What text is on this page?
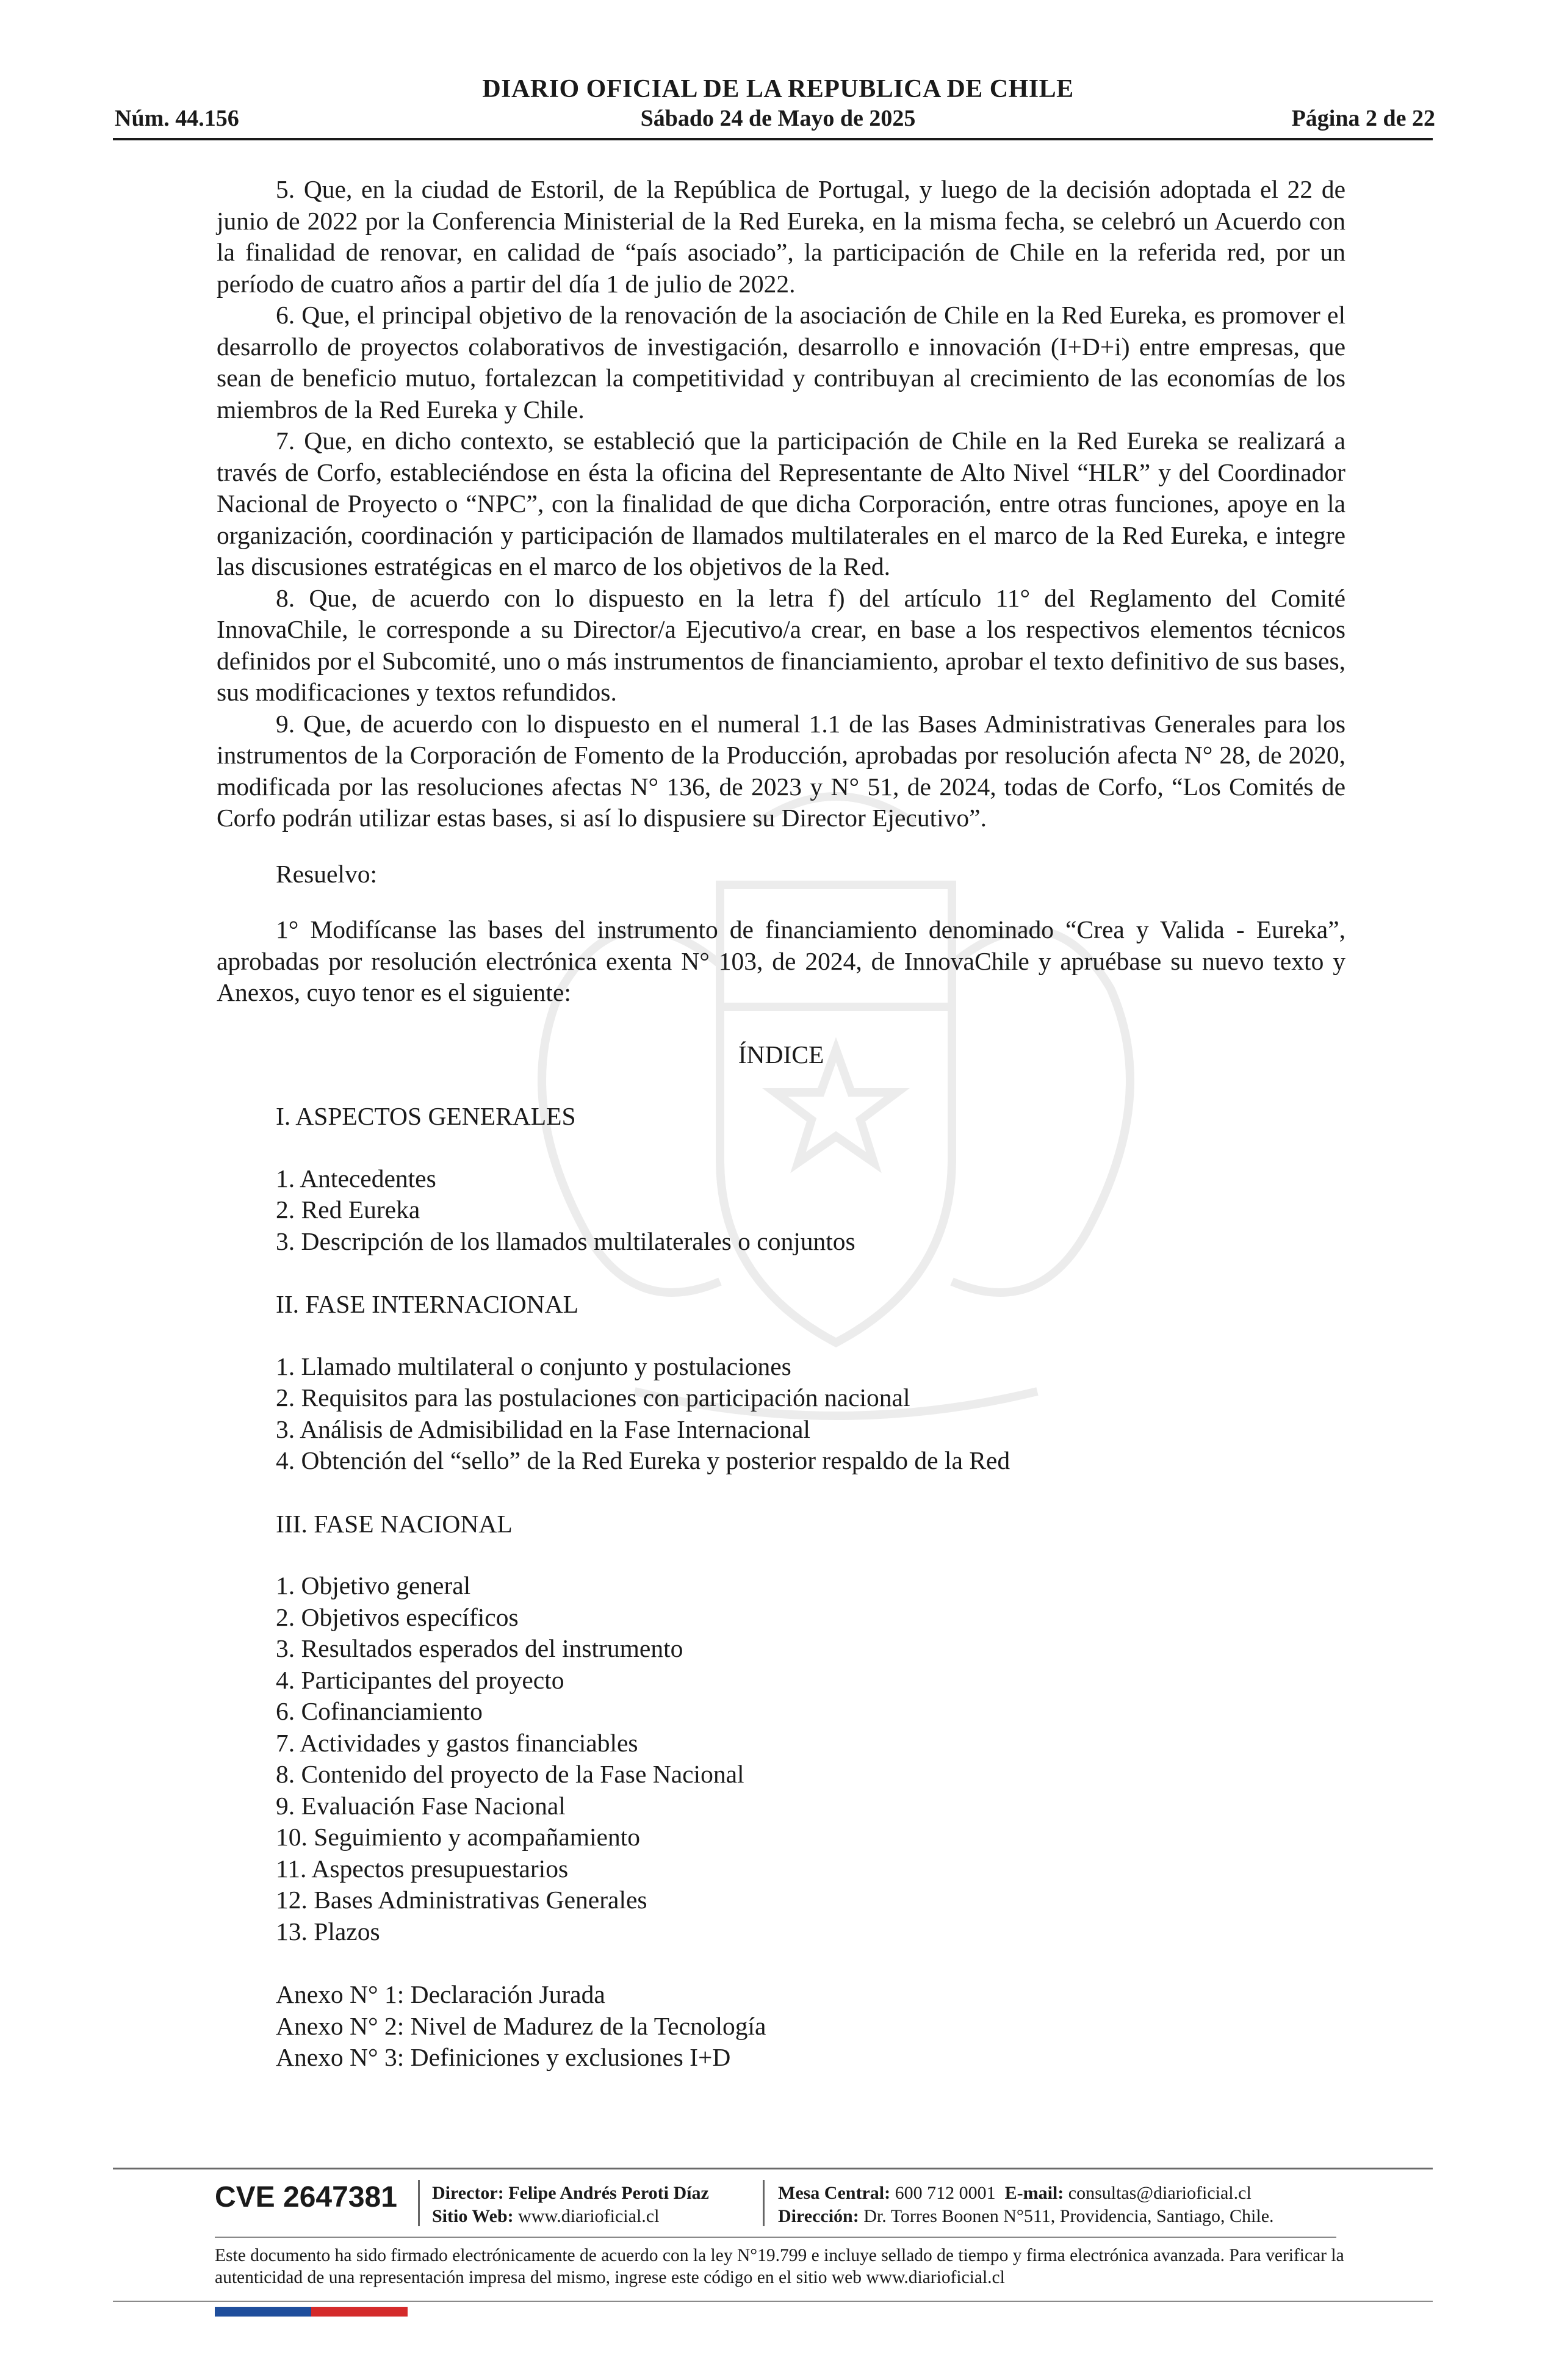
DIARIO OFICIAL DE LA REPUBLICA DE CHILE
Núm. 44.156	Sábado 24 de Mayo de 2025	Página 2 de 22

5. Que, en la ciudad de Estoril, de la República de Portugal, y luego de la decisión adoptada el 22 de junio de 2022 por la Conferencia Ministerial de la Red Eureka, en la misma fecha, se celebró un Acuerdo con la finalidad de renovar, en calidad de “país asociado”, la participación de Chile en la referida red, por un período de cuatro años a partir del día 1 de julio de 2022.

6. Que, el principal objetivo de la renovación de la asociación de Chile en la Red Eureka, es promover el desarrollo de proyectos colaborativos de investigación, desarrollo e innovación (I+D+i) entre empresas, que sean de beneficio mutuo, fortalezcan la competitividad y contribuyan al crecimiento de las economías de los miembros de la Red Eureka y Chile.

7. Que, en dicho contexto, se estableció que la participación de Chile en la Red Eureka se realizará a través de Corfo, estableciéndose en ésta la oficina del Representante de Alto Nivel “HLR” y del Coordinador Nacional de Proyecto o “NPC”, con la finalidad de que dicha Corporación, entre otras funciones, apoye en la organización, coordinación y participación de llamados multilaterales en el marco de la Red Eureka, e integre las discusiones estratégicas en el marco de los objetivos de la Red.

8. Que, de acuerdo con lo dispuesto en la letra f) del artículo 11° del Reglamento del Comité InnovaChile, le corresponde a su Director/a Ejecutivo/a crear, en base a los respectivos elementos técnicos definidos por el Subcomité, uno o más instrumentos de financiamiento, aprobar el texto definitivo de sus bases, sus modificaciones y textos refundidos.

9. Que, de acuerdo con lo dispuesto en el numeral 1.1 de las Bases Administrativas Generales para los instrumentos de la Corporación de Fomento de la Producción, aprobadas por resolución afecta N° 28, de 2020, modificada por las resoluciones afectas N° 136, de 2023 y N° 51, de 2024, todas de Corfo, “Los Comités de Corfo podrán utilizar estas bases, si así lo dispusiere su Director Ejecutivo”.

Resuelvo:

1° Modifícanse las bases del instrumento de financiamiento denominado “Crea y Valida - Eureka”, aprobadas por resolución electrónica exenta N° 103, de 2024, de InnovaChile y apruébase su nuevo texto y Anexos, cuyo tenor es el siguiente:

ÍNDICE
I. ASPECTOS GENERALES
1. Antecedentes
2. Red Eureka
3. Descripción de los llamados multilaterales o conjuntos
II. FASE INTERNACIONAL
1. Llamado multilateral o conjunto y postulaciones
2. Requisitos para las postulaciones con participación nacional
3. Análisis de Admisibilidad en la Fase Internacional
4. Obtención del “sello” de la Red Eureka y posterior respaldo de la Red
III. FASE NACIONAL
1. Objetivo general
2. Objetivos específicos
3. Resultados esperados del instrumento
4. Participantes del proyecto
6. Cofinanciamiento
7. Actividades y gastos financiables
8. Contenido del proyecto de la Fase Nacional
9. Evaluación Fase Nacional
10. Seguimiento y acompañamiento
11. Aspectos presupuestarios
12. Bases Administrativas Generales
13. Plazos
Anexo N° 1: Declaración Jurada
Anexo N° 2: Nivel de Madurez de la Tecnología
Anexo N° 3: Definiciones y exclusiones I+D
CVE 2647381 Director: Felipe Andrés Peroti Díaz
Sitio Web: www.diarioficial.cl
Mesa Central: 600 712 0001 E-mail: consultas@diarioficial.cl
Dirección: Dr. Torres Boonen N°511, Providencia, Santiago, Chile.
Este documento ha sido firmado electrónicamente de acuerdo con la ley N°19.799 e incluye sellado de tiempo y firma electrónica avanzada. Para verificar la autenticidad de una representación impresa del mismo, ingrese este código en el sitio web www.diarioficial.cl
